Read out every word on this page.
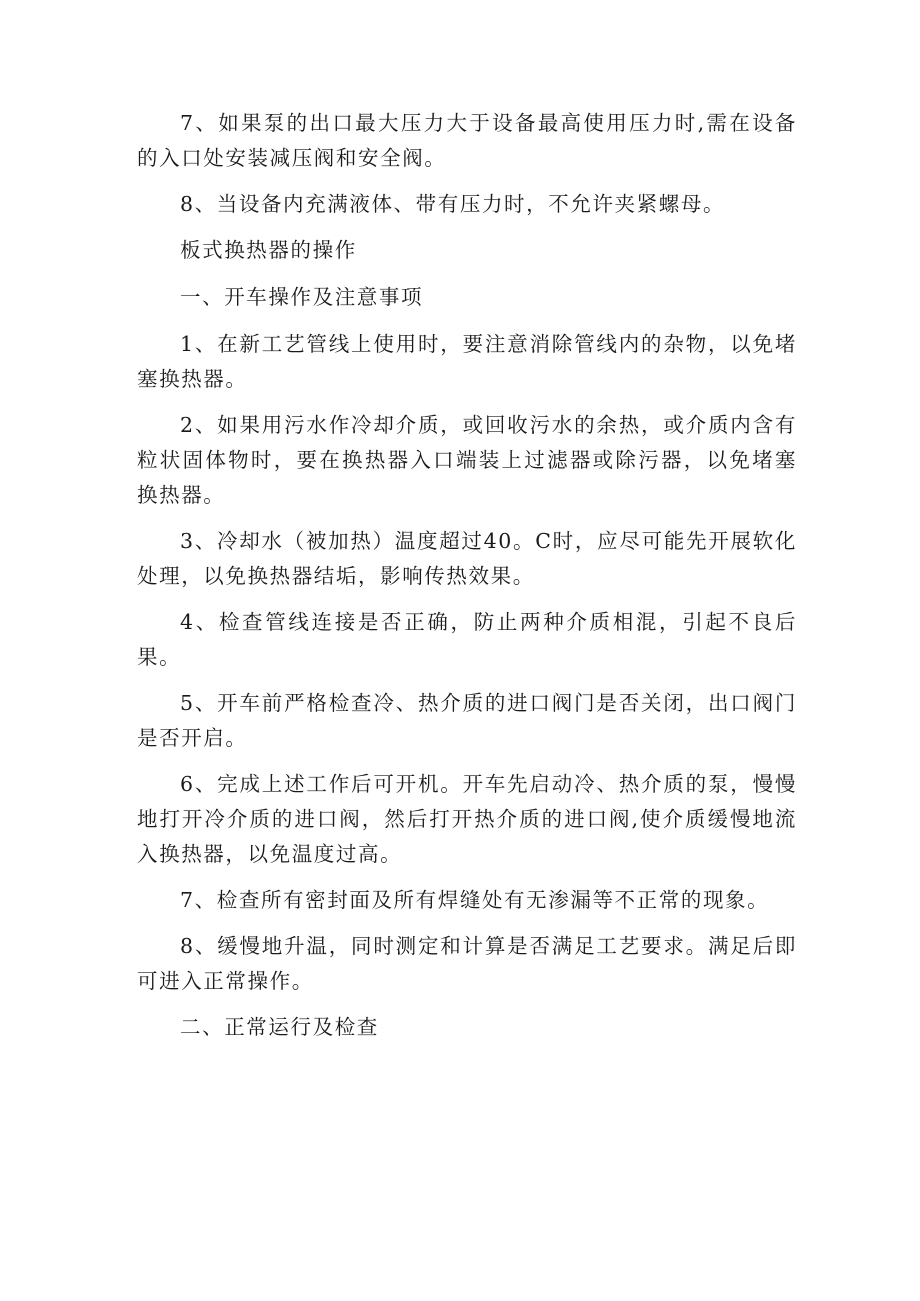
7、如果泵的出口最大压力大于设备最高使用压力时,需在设备的入口处安装减压阀和安全阀。

8、当设备内充满液体、带有压力时，不允许夹紧螺母。

板式换热器的操作

一、开车操作及注意事项

1、在新工艺管线上使用时，要注意消除管线内的杂物，以免堵塞换热器。

2、如果用污水作冷却介质，或回收污水的余热，或介质内含有粒状固体物时，要在换热器入口端装上过滤器或除污器，以免堵塞换热器。

3、冷却水（被加热）温度超过40。C时，应尽可能先开展软化处理，以免换热器结垢，影响传热效果。

4、检查管线连接是否正确，防止两种介质相混，引起不良后果。

5、开车前严格检查冷、热介质的进口阀门是否关闭，出口阀门是否开启。

6、完成上述工作后可开机。开车先启动冷、热介质的泵，慢慢地打开冷介质的进口阀，然后打开热介质的进口阀,使介质缓慢地流入换热器，以免温度过高。

7、检查所有密封面及所有焊缝处有无渗漏等不正常的现象。

8、缓慢地升温，同时测定和计算是否满足工艺要求。满足后即可进入正常操作。

二、正常运行及检查
